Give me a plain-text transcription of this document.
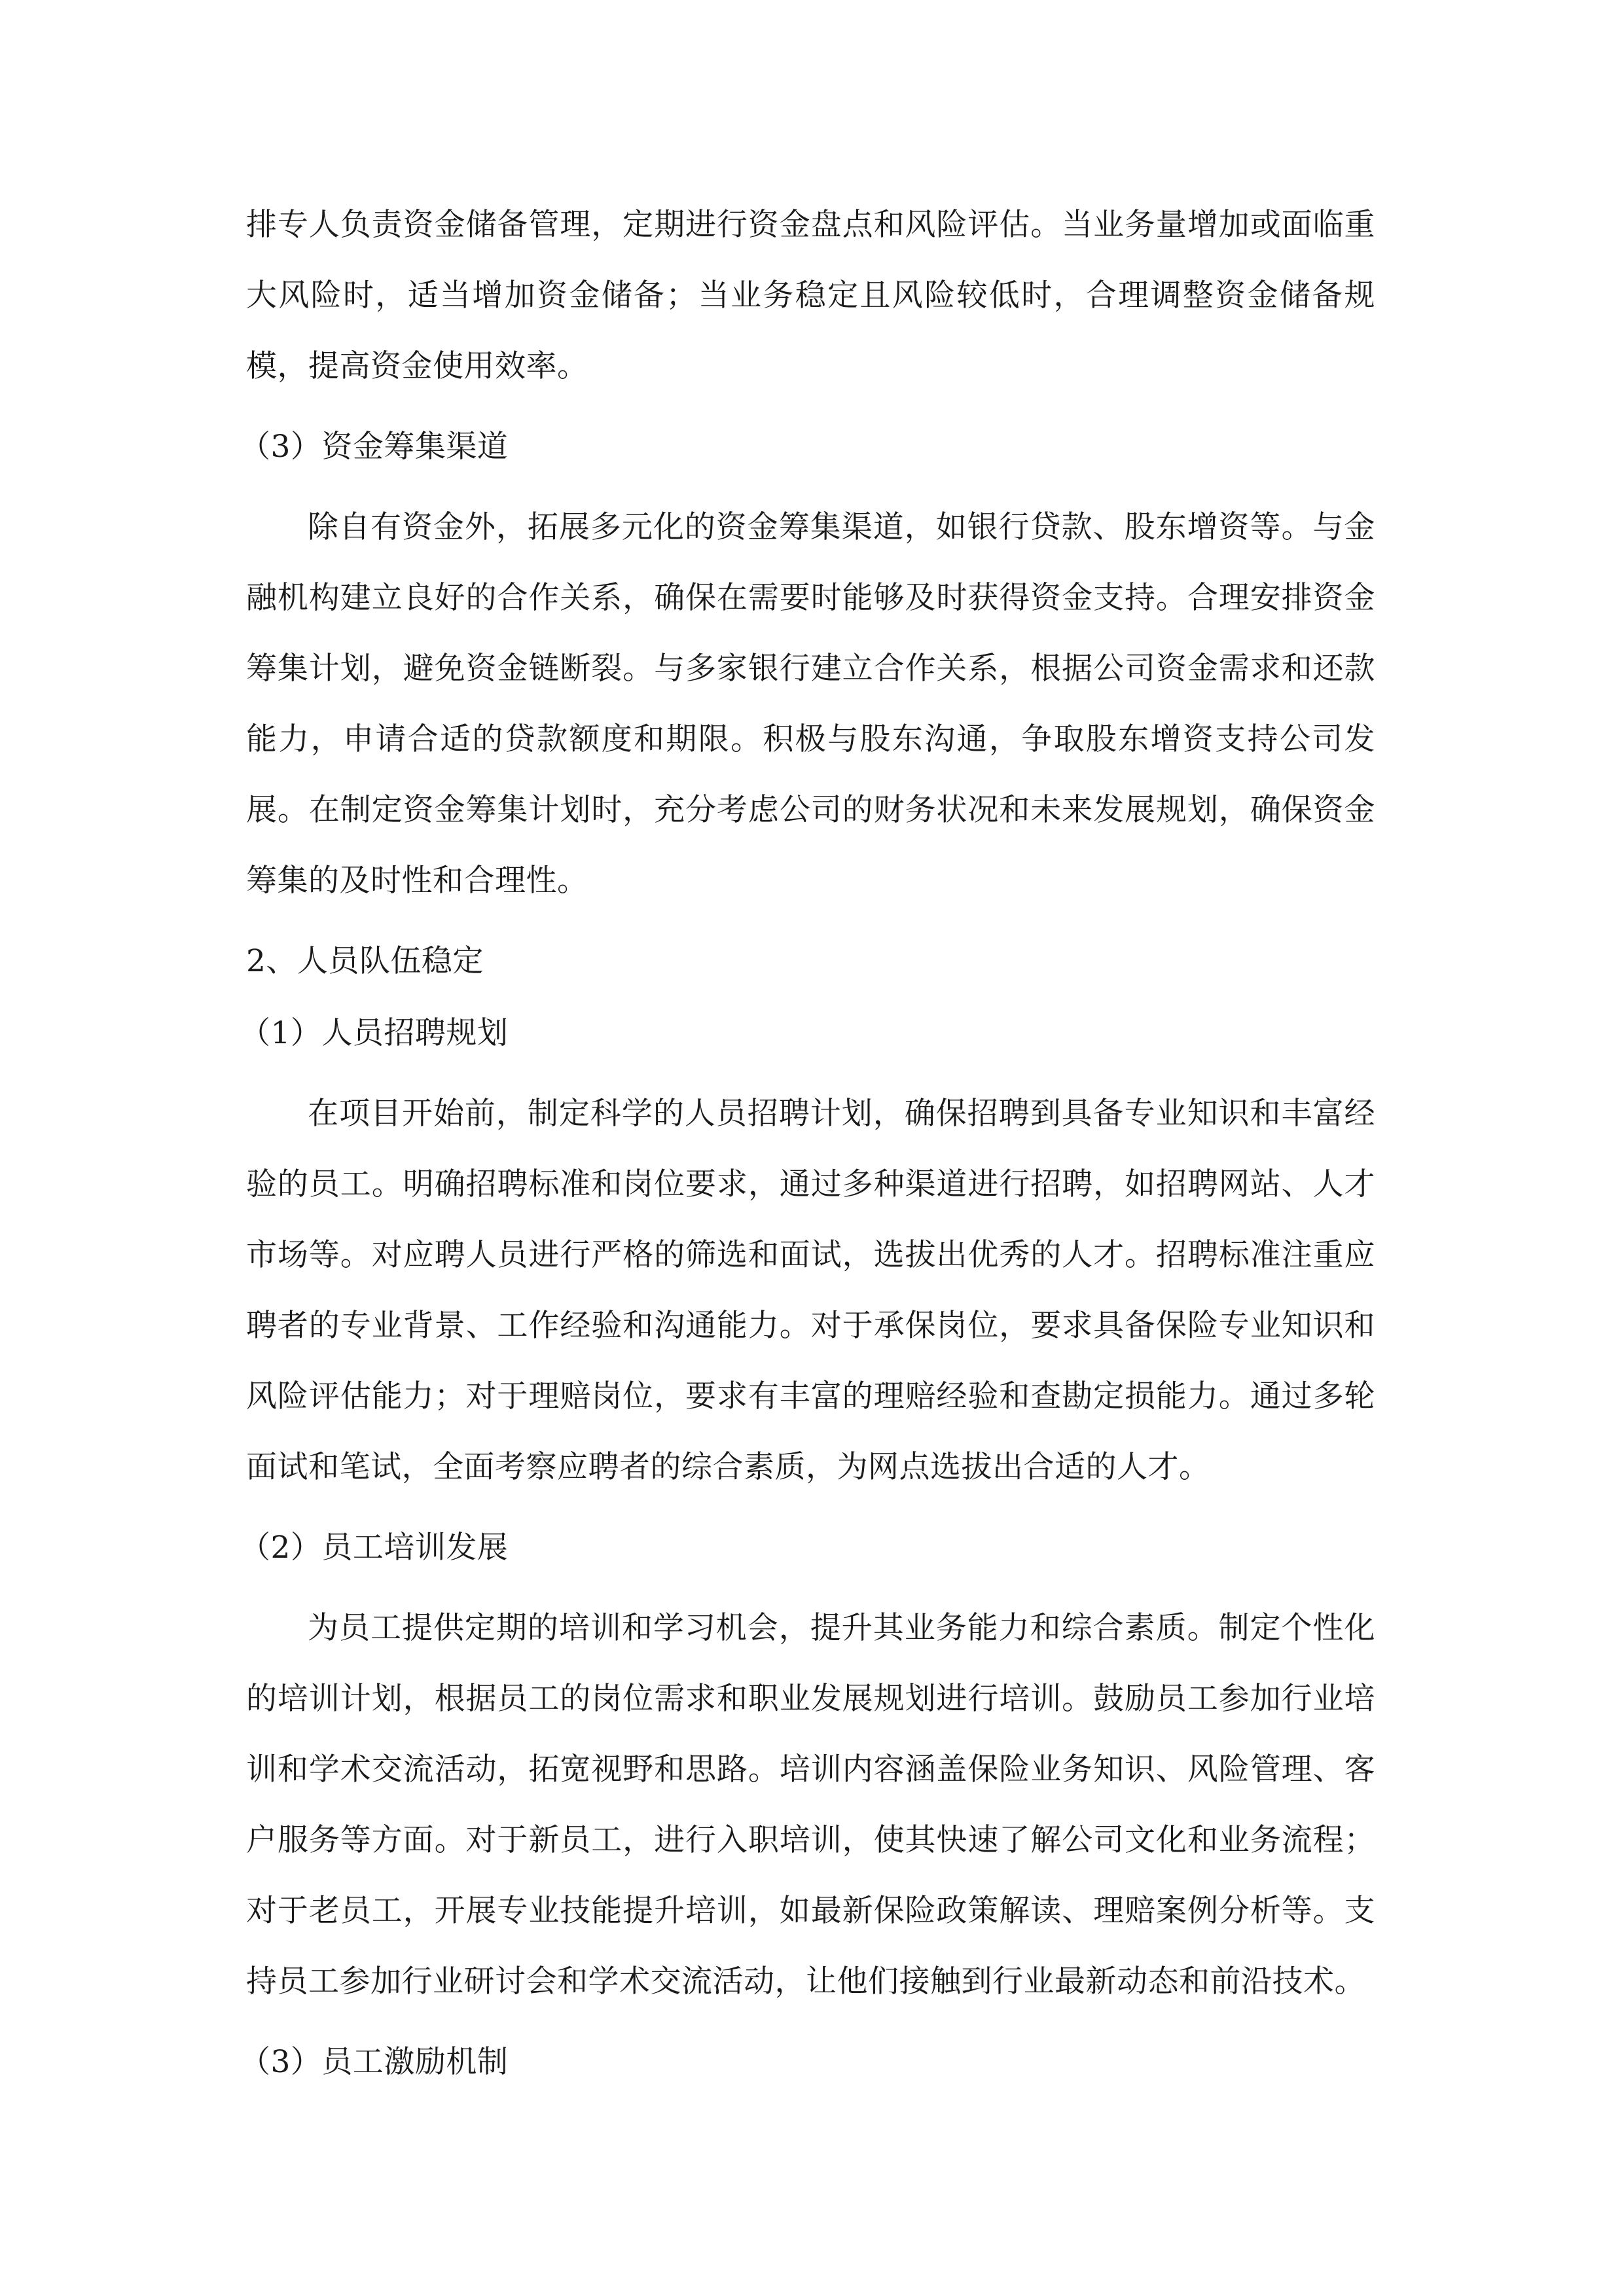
排专人负责资金储备管理，定期进行资金盘点和风险评估。当业务量增加或面临重大风险时，适当增加资金储备；当业务稳定且风险较低时，合理调整资金储备规模，提高资金使用效率。

（3）资金筹集渠道

除自有资金外，拓展多元化的资金筹集渠道，如银行贷款、股东增资等。与金融机构建立良好的合作关系，确保在需要时能够及时获得资金支持。合理安排资金筹集计划，避免资金链断裂。与多家银行建立合作关系，根据公司资金需求和还款能力，申请合适的贷款额度和期限。积极与股东沟通，争取股东增资支持公司发展。在制定资金筹集计划时，充分考虑公司的财务状况和未来发展规划，确保资金筹集的及时性和合理性。

2、人员队伍稳定
（1）人员招聘规划

在项目开始前，制定科学的人员招聘计划，确保招聘到具备专业知识和丰富经验的员工。明确招聘标准和岗位要求，通过多种渠道进行招聘，如招聘网站、人才市场等。对应聘人员进行严格的筛选和面试，选拔出优秀的人才。招聘标准注重应聘者的专业背景、工作经验和沟通能力。对于承保岗位，要求具备保险专业知识和风险评估能力；对于理赔岗位，要求有丰富的理赔经验和查勘定损能力。通过多轮面试和笔试，全面考察应聘者的综合素质，为网点选拔出合适的人才。

（2）员工培训发展

为员工提供定期的培训和学习机会，提升其业务能力和综合素质。制定个性化的培训计划，根据员工的岗位需求和职业发展规划进行培训。鼓励员工参加行业培训和学术交流活动，拓宽视野和思路。培训内容涵盖保险业务知识、风险管理、客户服务等方面。对于新员工，进行入职培训，使其快速了解公司文化和业务流程；对于老员工，开展专业技能提升培训，如最新保险政策解读、理赔案例分析等。支持员工参加行业研讨会和学术交流活动，让他们接触到行业最新动态和前沿技术。

（3）员工激励机制
